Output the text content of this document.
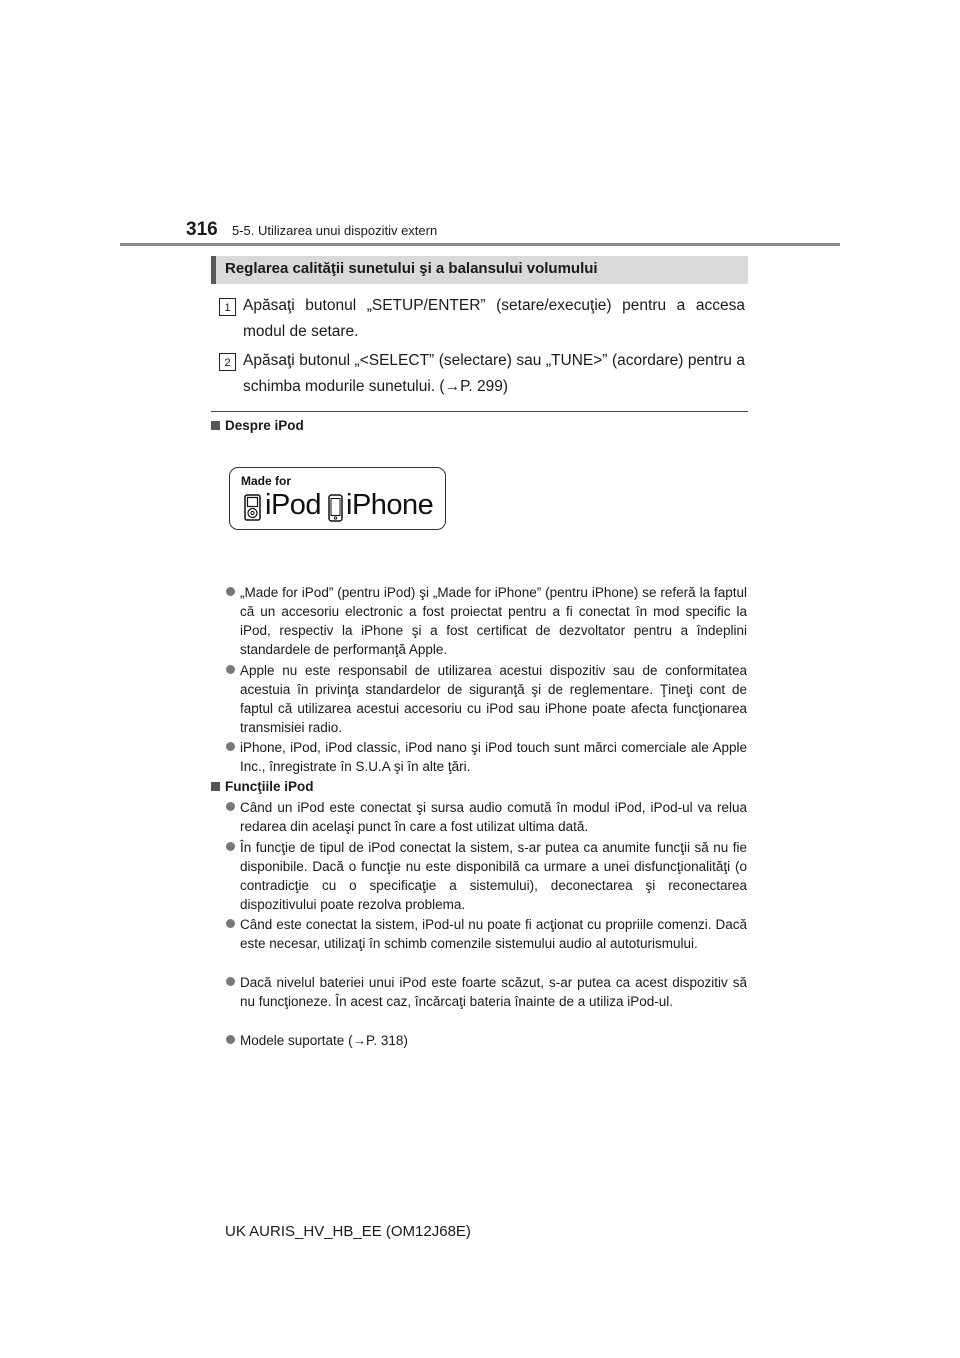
316 5-5. Utilizarea unui dispozitiv extern
Reglarea calităţii sunetului şi a balansului volumului
1 Apăsaţi butonul „SETUP/ENTER” (setare/execuţie) pentru a accesa modul de setare.
2 Apăsaţi butonul „<SELECT” (selectare) sau „TUNE>” (acordare) pentru a schimba modurile sunetului. (→P. 299)
Despre iPod
Made for
iPod iPhone
„Made for iPod” (pentru iPod) şi „Made for iPhone” (pentru iPhone) se referă la faptul că un accesoriu electronic a fost proiectat pentru a fi conectat în mod specific la iPod, respectiv la iPhone şi a fost certificat de dezvoltator pentru a îndeplini standardele de performanţă Apple.
Apple nu este responsabil de utilizarea acestui dispozitiv sau de conformitatea acestuia în privinţa standardelor de siguranţă şi de reglementare. Ţineţi cont de faptul că utilizarea acestui accesoriu cu iPod sau iPhone poate afecta funcţionarea transmisiei radio.
iPhone, iPod, iPod classic, iPod nano şi iPod touch sunt mărci comerciale ale Apple Inc., înregistrate în S.U.A şi în alte ţări.
Funcţiile iPod
Când un iPod este conectat şi sursa audio comută în modul iPod, iPod-ul va relua redarea din acelaşi punct în care a fost utilizat ultima dată.
În funcţie de tipul de iPod conectat la sistem, s-ar putea ca anumite funcţii să nu fie disponibile. Dacă o funcţie nu este disponibilă ca urmare a unei disfuncţionalităţi (o contradicţie cu o specificaţie a sistemului), deconectarea şi reconectarea dispozitivului poate rezolva problema.
Când este conectat la sistem, iPod-ul nu poate fi acţionat cu propriile comenzi. Dacă este necesar, utilizaţi în schimb comenzile sistemului audio al autoturismului.
Dacă nivelul bateriei unui iPod este foarte scăzut, s-ar putea ca acest dispozitiv să nu funcţioneze. În acest caz, încărcaţi bateria înainte de a utiliza iPod-ul.
Modele suportate (→P. 318)
UK AURIS_HV_HB_EE (OM12J68E)
